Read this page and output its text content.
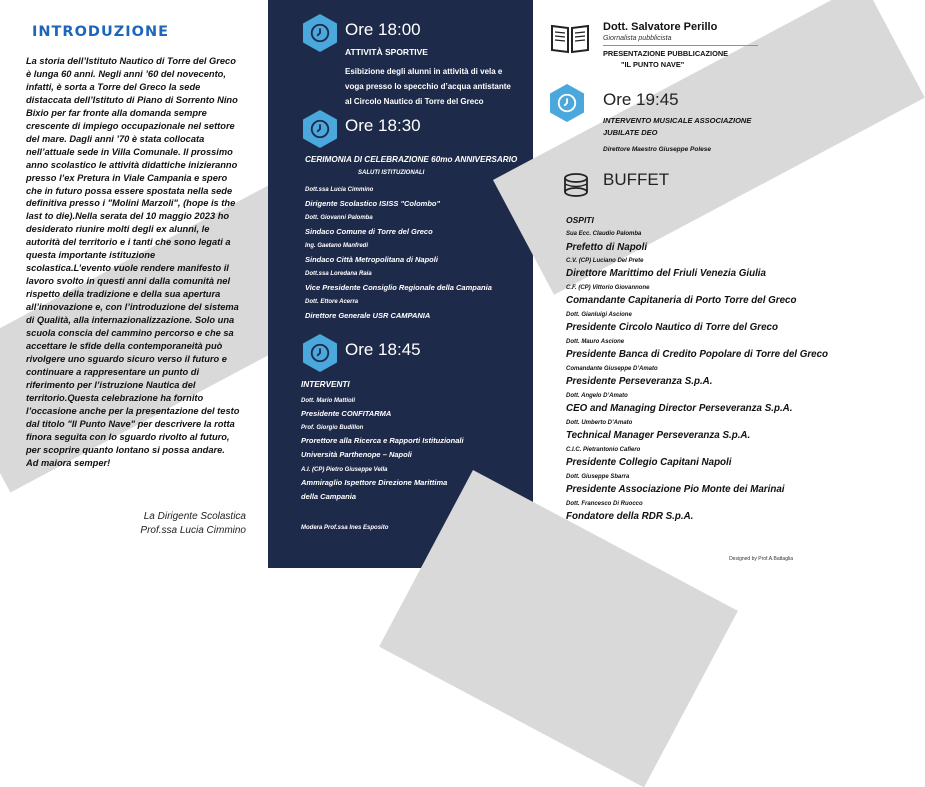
INTRODUZIONE
La storia dell’Istituto Nautico di Torre del Greco
è lunga 60 anni. Negli anni ’60 del novecento,
infatti, è sorta a Torre del Greco la sede
distaccata dell’Istituto di Piano di Sorrento Nino
Bixio per far fronte alla domanda sempre
crescente di impiego occupazionale nel settore
del mare. Dagli anni ’70 è stata collocata
nell’attuale sede in Villa Comunale. Il prossimo
anno scolastico le attività didattiche inizieranno
presso l’ex Pretura in Viale Campania e spero
che in futuro possa essere spostata nella sede
definitiva presso i "Molini Marzoli", (hope is the
last to die).Nella serata del 10 maggio 2023 ho
desiderato riunire molti degli ex alunni, le
autorità del territorio e i tanti che sono legati a
questa importante istituzione
scolastica.L’evento vuole rendere manifesto il
lavoro svolto in questi anni dalla comunità nel
rispetto della tradizione e della sua apertura
all’innovazione e, con l’introduzione del sistema
di Qualità, alla internazionalizzazione. Solo una
scuola conscia del cammino percorso e che sa
accettare le sfide della contemporaneità può
rivolgere uno sguardo sicuro verso il futuro e
continuare a rappresentare un punto di
riferimento per l’istruzione Nautica del
territorio.Questa celebrazione ha fornito
l’occasione anche per la presentazione del testo
dal titolo "Il Punto Nave" per descrivere la rotta
finora seguita con lo sguardo rivolto al futuro,
per scoprire quanto lontano si possa andare.
Ad maiora semper!
La Dirigente Scolastica
Prof.ssa Lucia Cimmino
Ore 18:00
ATTIVITÀ SPORTIVE
Esibizione degli alunni in attività di vela e
voga presso lo specchio d’acqua antistante
al Circolo Nautico di Torre del Greco
Ore 18:30
CERIMONIA DI CELEBRAZIONE 60mo ANNIVERSARIO
SALUTI ISTITUZIONALI
Dott.ssa Lucia Cimmino
Dirigente Scolastico ISISS "Colombo"
Dott. Giovanni Palomba
Sindaco Comune di Torre del Greco
Ing. Gaetano Manfredi
Sindaco Città Metropolitana di Napoli
Dott.ssa Loredana Raia
Vice Presidente Consiglio Regionale della Campania
Dott. Ettore Acerra
Direttore Generale USR CAMPANIA
Ore 18:45
INTERVENTI
Dott. Mario Mattioli
Presidente CONFITARMA
Prof. Giorgio Budillon
Prorettore alla Ricerca e Rapporti Istituzionali
Università Parthenope – Napoli
A.I. (CP) Pietro Giuseppe Vella
Ammiraglio Ispettore Direzione Marittima
della Campania
Modera Prof.ssa Ines Esposito
Dott. Salvatore Perillo
Giornalista pubblicista
PRESENTAZIONE PUBBLICAZIONE
"IL PUNTO NAVE"
Ore 19:45
INTERVENTO MUSICALE ASSOCIAZIONE
JUBILATE DEO
Direttore Maestro Giuseppe Polese
BUFFET
OSPITI
Sua Ecc. Claudio Palomba
Prefetto di Napoli
C.V. (CP) Luciano Del Prete
Direttore Marittimo del Friuli Venezia Giulia
C.F. (CP) Vittorio Giovannone
Comandante Capitaneria di Porto Torre del Greco
Dott. Gianluigi Ascione
Presidente Circolo Nautico di Torre del Greco
Dott. Mauro Ascione
Presidente Banca di Credito Popolare di Torre del Greco
Comandante Giuseppe D’Amato
Presidente Perseveranza S.p.A.
Dott. Angelo D’Amato
CEO and Managing Director Perseveranza S.p.A.
Dott. Umberto D’Amato
Technical Manager Perseveranza S.p.A.
C.I.C. Pietrantonio Cafiero
Presidente Collegio Capitani Napoli
Dott. Giuseppe Sbarra
Presidente Associazione Pio Monte dei Marinai
Dott. Francesco Di Ruocco
Fondatore della RDR S.p.A.
Designed by Prof.A.Battaglia
